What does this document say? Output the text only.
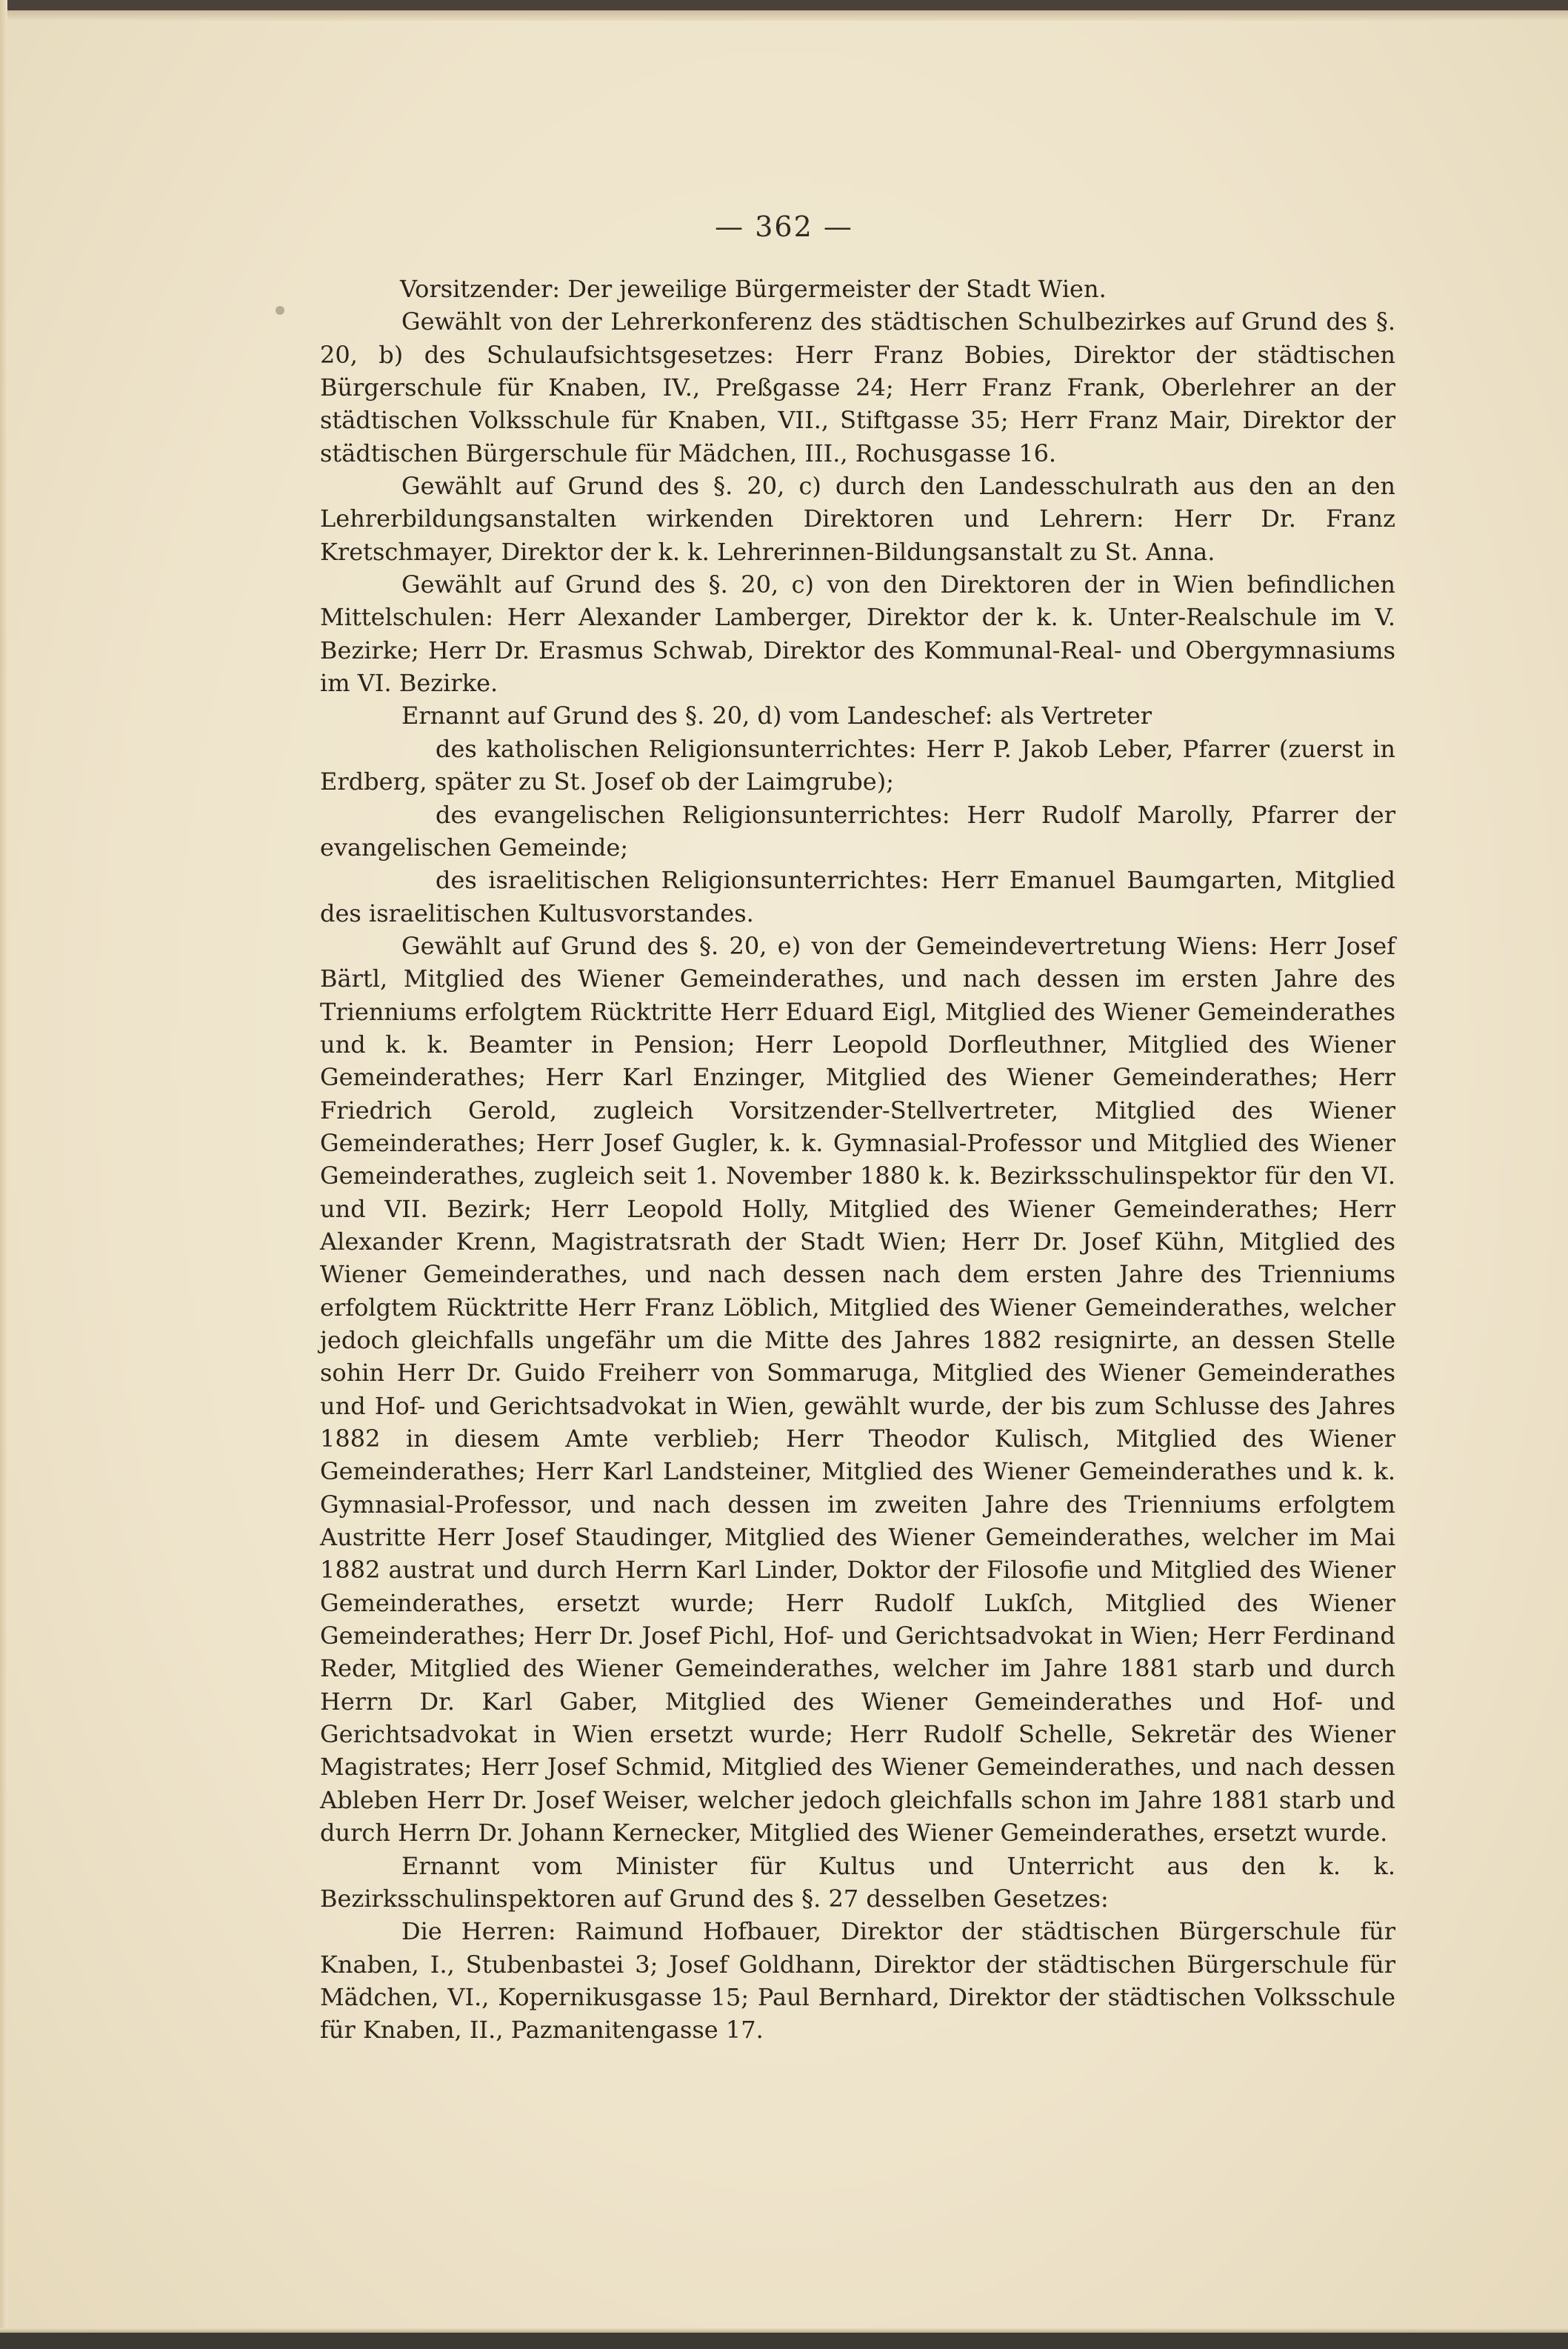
— 362 —

Vorsitzender: Der jeweilige Bürgermeister der Stadt Wien.

Gewählt von der Lehrerkonferenz des städtischen Schulbezirkes auf Grund des §. 20, b) des Schulaufsichtsgesetzes: Herr Franz Bobies, Direktor der städtischen Bürgerschule für Knaben, IV., Preßgasse 24; Herr Franz Frank, Oberlehrer an der städtischen Volksschule für Knaben, VII., Stiftgasse 35; Herr Franz Mair, Direktor der städtischen Bürgerschule für Mädchen, III., Rochusgasse 16.

Gewählt auf Grund des §. 20, c) durch den Landesschulrath aus den an den Lehrerbildungsanstalten wirkenden Direktoren und Lehrern: Herr Dr. Franz Kretschmayer, Direktor der k. k. Lehrerinnen-Bildungsanstalt zu St. Anna.

Gewählt auf Grund des §. 20, c) von den Direktoren der in Wien befindlichen Mittelschulen: Herr Alexander Lamberger, Direktor der k. k. Unter-Realschule im V. Bezirke; Herr Dr. Erasmus Schwab, Direktor des Kommunal-Real- und Obergymnasiums im VI. Bezirke.

Ernannt auf Grund des §. 20, d) vom Landeschef: als Vertreter

des katholischen Religionsunterrichtes: Herr P. Jakob Leber, Pfarrer (zuerst in Erdberg, später zu St. Josef ob der Laimgrube);

des evangelischen Religionsunterrichtes: Herr Rudolf Marolly, Pfarrer der evangelischen Gemeinde;

des israelitischen Religionsunterrichtes: Herr Emanuel Baumgarten, Mitglied des israelitischen Kultusvorstandes.

Gewählt auf Grund des §. 20, e) von der Gemeindevertretung Wiens: Herr Josef Bärtl, Mitglied des Wiener Gemeinderathes, und nach dessen im ersten Jahre des Trienniums erfolgtem Rücktritte Herr Eduard Eigl, Mitglied des Wiener Gemeinderathes und k. k. Beamter in Pension; Herr Leopold Dorfleuthner, Mitglied des Wiener Gemeinderathes; Herr Karl Enzinger, Mitglied des Wiener Gemeinderathes; Herr Friedrich Gerold, zugleich Vorsitzender-Stellvertreter, Mitglied des Wiener Gemeinderathes; Herr Josef Gugler, k. k. Gymnasial-Professor und Mitglied des Wiener Gemeinderathes, zugleich seit 1. November 1880 k. k. Bezirksschulinspektor für den VI. und VII. Bezirk; Herr Leopold Holly, Mitglied des Wiener Gemeinderathes; Herr Alexander Krenn, Magistratsrath der Stadt Wien; Herr Dr. Josef Kühn, Mitglied des Wiener Gemeinderathes, und nach dessen nach dem ersten Jahre des Trienniums erfolgtem Rücktritte Herr Franz Löblich, Mitglied des Wiener Gemeinderathes, welcher jedoch gleichfalls ungefähr um die Mitte des Jahres 1882 resignirte, an dessen Stelle sohin Herr Dr. Guido Freiherr von Sommaruga, Mitglied des Wiener Gemeinderathes und Hof- und Gerichtsadvokat in Wien, gewählt wurde, der bis zum Schlusse des Jahres 1882 in diesem Amte verblieb; Herr Theodor Kulisch, Mitglied des Wiener Gemeinderathes; Herr Karl Landsteiner, Mitglied des Wiener Gemeinderathes und k. k. Gymnasial-Professor, und nach dessen im zweiten Jahre des Trienniums erfolgtem Austritte Herr Josef Staudinger, Mitglied des Wiener Gemeinderathes, welcher im Mai 1882 austrat und durch Herrn Karl Linder, Doktor der Filosofie und Mitglied des Wiener Gemeinderathes, ersetzt wurde; Herr Rudolf Lukſch, Mitglied des Wiener Gemeinderathes; Herr Dr. Josef Pichl, Hof- und Gerichtsadvokat in Wien; Herr Ferdinand Reder, Mitglied des Wiener Gemeinderathes, welcher im Jahre 1881 starb und durch Herrn Dr. Karl Gaber, Mitglied des Wiener Gemeinderathes und Hof- und Gerichtsadvokat in Wien ersetzt wurde; Herr Rudolf Schelle, Sekretär des Wiener Magistrates; Herr Josef Schmid, Mitglied des Wiener Gemeinderathes, und nach dessen Ableben Herr Dr. Josef Weiser, welcher jedoch gleichfalls schon im Jahre 1881 starb und durch Herrn Dr. Johann Kernecker, Mitglied des Wiener Gemeinderathes, ersetzt wurde.

Ernannt vom Minister für Kultus und Unterricht aus den k. k. Bezirksschulinspektoren auf Grund des §. 27 desselben Gesetzes:

Die Herren: Raimund Hofbauer, Direktor der städtischen Bürgerschule für Knaben, I., Stubenbastei 3; Josef Goldhann, Direktor der städtischen Bürgerschule für Mädchen, VI., Kopernikusgasse 15; Paul Bernhard, Direktor der städtischen Volksschule für Knaben, II., Pazmanitengasse 17.
